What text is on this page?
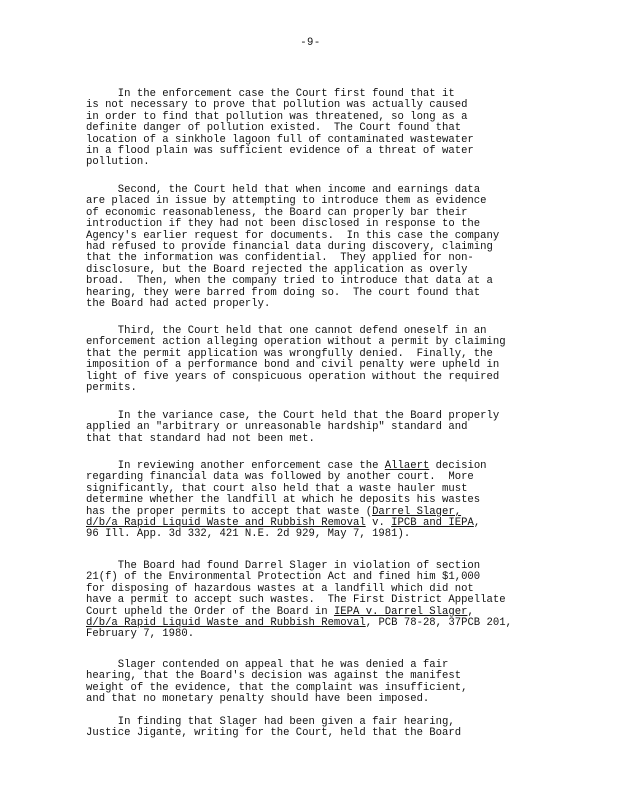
-9-
In the enforcement case the Court first found that it
is not necessary to prove that pollution was actually caused
in order to find that pollution was threatened, so long as a
definite danger of pollution existed.  The Court found that
location of a sinkhole lagoon full of contaminated wastewater
in a flood plain was sufficient evidence of a threat of water
pollution.
Second, the Court held that when income and earnings data
are placed in issue by attempting to introduce them as evidence
of economic reasonableness, the Board can properly bar their
introduction if they had not been disclosed in response to the
Agency's earlier request for documents.  In this case the company
had refused to provide financial data during discovery, claiming
that the information was confidential.  They applied for non-
disclosure, but the Board rejected the application as overly
broad.  Then, when the company tried to introduce that data at a
hearing, they were barred from doing so.  The court found that
the Board had acted properly.
Third, the Court held that one cannot defend oneself in an
enforcement action alleging operation without a permit by claiming
that the permit application was wrongfully denied.  Finally, the
imposition of a performance bond and civil penalty were upheld in
light of five years of conspicuous operation without the required
permits.
In the variance case, the Court held that the Board properly
applied an "arbitrary or unreasonable hardship" standard and
that that standard had not been met.
In reviewing another enforcement case the Allaert decision
regarding financial data was followed by another court.  More
significantly, that court also held that a waste hauler must
determine whether the landfill at which he deposits his wastes
has the proper permits to accept that waste (Darrel Slager,
d/b/a Rapid Liquid Waste and Rubbish Removal v. IPCB and IEPA,
96 Ill. App. 3d 332, 421 N.E. 2d 929, May 7, 1981).
The Board had found Darrel Slager in violation of section
21(f) of the Environmental Protection Act and fined him $1,000
for disposing of hazardous wastes at a landfill which did not
have a permit to accept such wastes.  The First District Appellate
Court upheld the Order of the Board in IEPA v. Darrel Slager,
d/b/a Rapid Liquid Waste and Rubbish Removal, PCB 78-28, 37PCB 201,
February 7, 1980.
Slager contended on appeal that he was denied a fair
hearing, that the Board's decision was against the manifest
weight of the evidence, that the complaint was insufficient,
and that no monetary penalty should have been imposed.
In finding that Slager had been given a fair hearing,
Justice Jigante, writing for the Court, held that the Board
